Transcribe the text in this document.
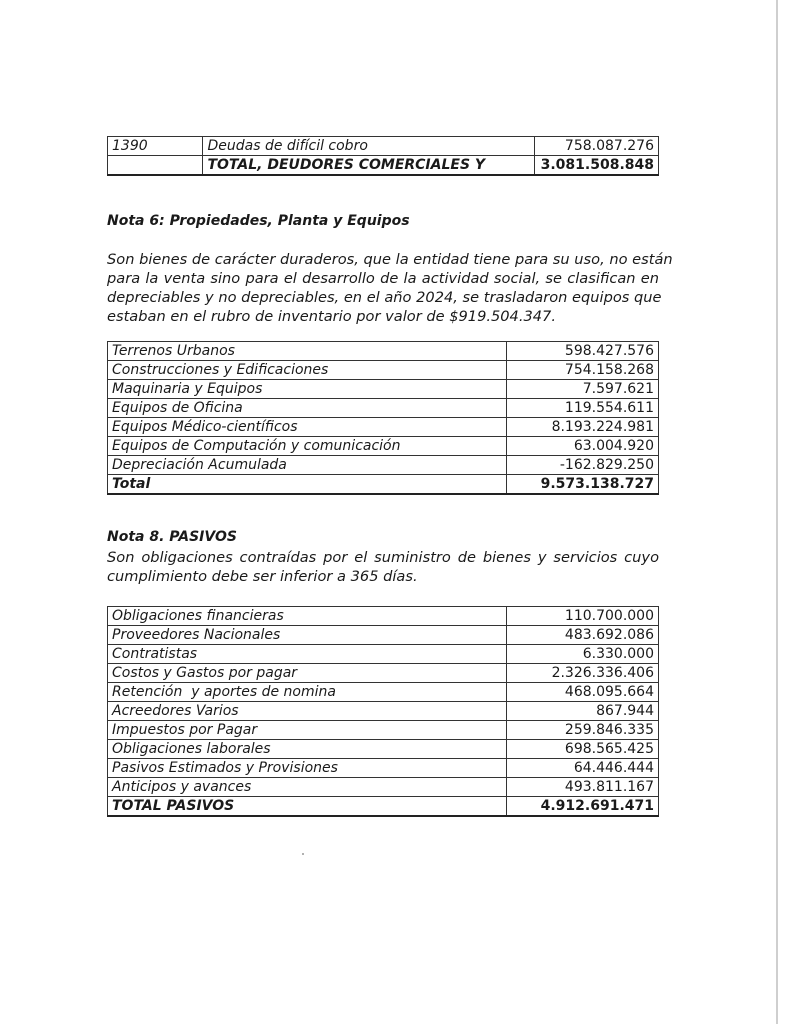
1390	Deudas de difícil cobro	758.087.276
	TOTAL, DEUDORES COMERCIALES Y	3.081.508.848
Nota 6: Propiedades, Planta y Equipos
Son bienes de carácter duraderos, que la entidad tiene para su uso, no están
para la venta sino para el desarrollo de la actividad social, se clasifican en
depreciables y no depreciables, en el año 2024, se trasladaron equipos que
estaban en el rubro de inventario por valor de $919.504.347.
Terrenos Urbanos	598.427.576
Construcciones y Edificaciones	754.158.268
Maquinaria y Equipos	7.597.621
Equipos de Oficina	119.554.611
Equipos Médico-científicos	8.193.224.981
Equipos de Computación y comunicación	63.004.920
Depreciación Acumulada	-162.829.250
Total	9.573.138.727
Nota 8. PASIVOS
Son obligaciones contraídas por el suministro de bienes y servicios cuyo
cumplimiento debe ser inferior a 365 días.
Obligaciones financieras	110.700.000
Proveedores Nacionales	483.692.086
Contratistas	6.330.000
Costos y Gastos por pagar	2.326.336.406
Retención  y aportes de nomina	468.095.664
Acreedores Varios	867.944
Impuestos por Pagar	259.846.335
Obligaciones laborales	698.565.425
Pasivos Estimados y Provisiones	64.446.444
Anticipos y avances	493.811.167
TOTAL PASIVOS	4.912.691.471
